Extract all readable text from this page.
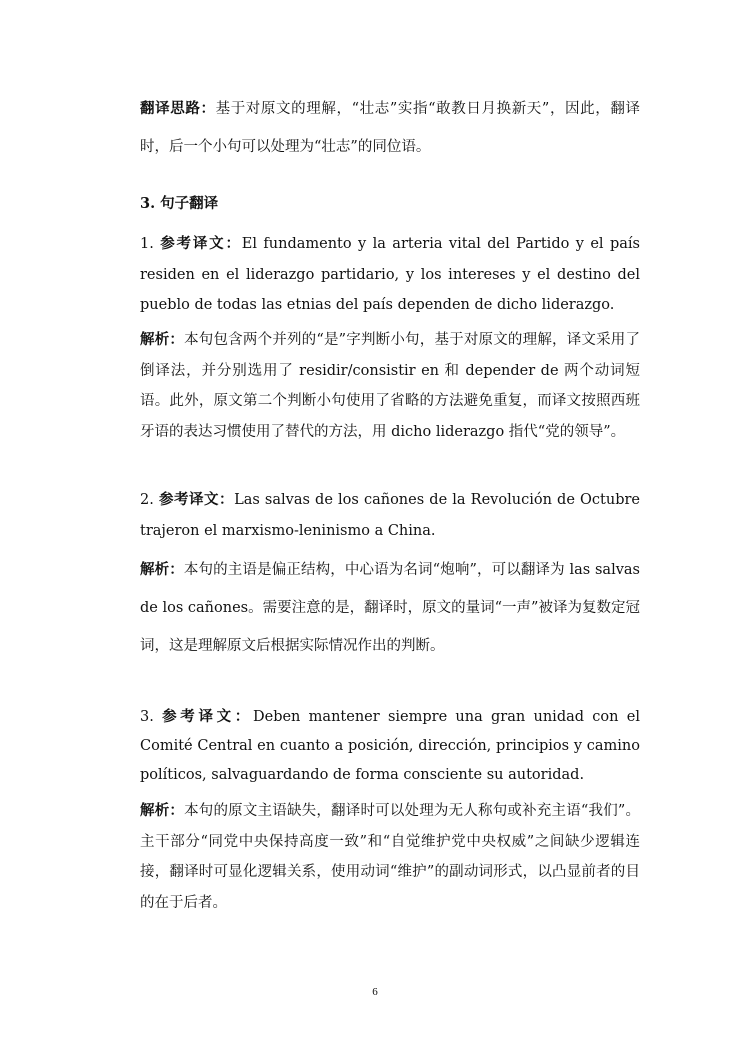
翻译思路：基于对原文的理解，“壮志”实指“敢教日月换新天”，因此，翻译时，后一个小句可以处理为“壮志”的同位语。

3. 句子翻译

1. 参考译文：El fundamento y la arteria vital del Partido y el país residen en el liderazgo partidario, y los intereses y el destino del pueblo de todas las etnias del país dependen de dicho liderazgo.

解析：本句包含两个并列的“是”字判断小句，基于对原文的理解，译文采用了倒译法，并分别选用了 residir/consistir en 和 depender de 两个动词短语。此外，原文第二个判断小句使用了省略的方法避免重复，而译文按照西班牙语的表达习惯使用了替代的方法，用 dicho liderazgo 指代“党的领导”。

2. 参考译文：Las salvas de los cañones de la Revolución de Octubre trajeron el marxismo-leninismo a China.

解析：本句的主语是偏正结构，中心语为名词“炮响”，可以翻译为 las salvas de los cañones。需要注意的是，翻译时，原文的量词“一声”被译为复数定冠词，这是理解原文后根据实际情况作出的判断。

3. 参考译文：Deben mantener siempre una gran unidad con el Comité Central en cuanto a posición, dirección, principios y camino políticos, salvaguardando de forma consciente su autoridad.

解析：本句的原文主语缺失，翻译时可以处理为无人称句或补充主语“我们”。主干部分“同党中央保持高度一致”和“自觉维护党中央权威”之间缺少逻辑连接，翻译时可显化逻辑关系，使用动词“维护”的副动词形式，以凸显前者的目的在于后者。

6
